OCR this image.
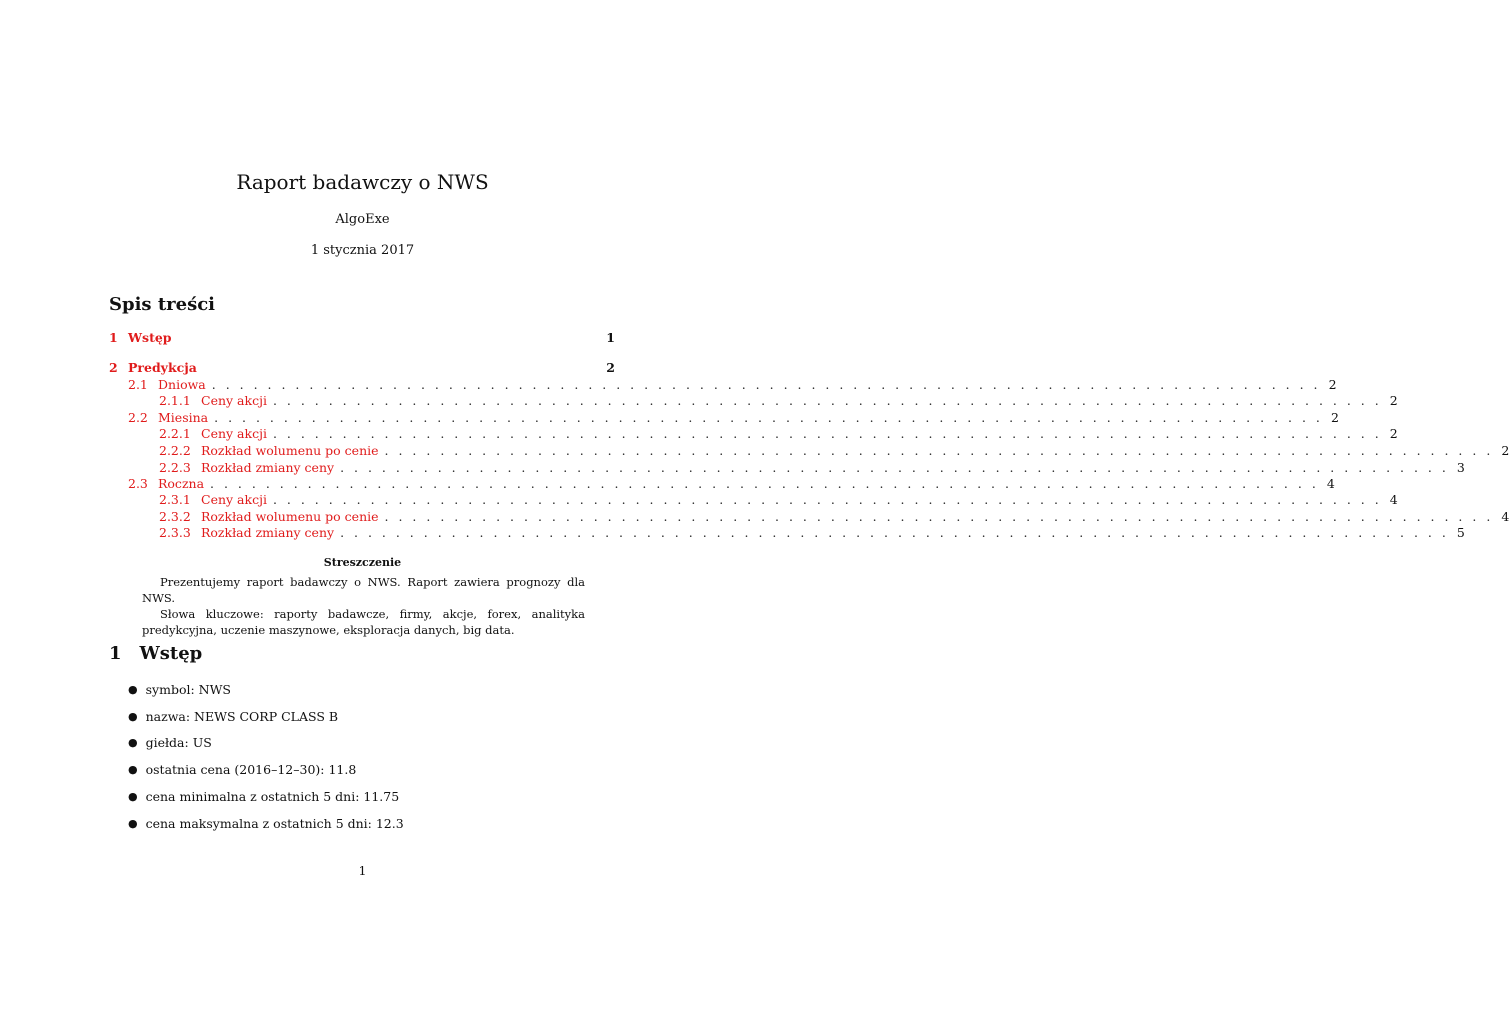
Raport badawczy o NWS
AlgoExe
1 stycznia 2017
Spis treści
1 Wstęp	1
2 Predykcja	2
2.1 Dniowa . . . . . . . . . . . . . . . . . . . . . . . . . . . . . . . . . . . . . . . . . . . . . . . . . . . . . . . . . . . . . . . . . . . . . . . . . . . . . . . . 2
2.1.1 Ceny akcji . . . . . . . . . . . . . . . . . . . . . . . . . . . . . . . . . . . . . . . . . . . . . . . . . . . . . . . . . . . . . . . . . . . . . . . . . . . . . . . . 2
2.2 Miesina . . . . . . . . . . . . . . . . . . . . . . . . . . . . . . . . . . . . . . . . . . . . . . . . . . . . . . . . . . . . . . . . . . . . . . . . . . . . . . . . 2
2.2.1 Ceny akcji . . . . . . . . . . . . . . . . . . . . . . . . . . . . . . . . . . . . . . . . . . . . . . . . . . . . . . . . . . . . . . . . . . . . . . . . . . . . . . . . 2
2.2.2 Rozkład wolumenu po cenie . . . . . . . . . . . . . . . . . . . . . . . . . . . . . . . . . . . . . . . . . . . . . . . . . . . . . . . . . . . . . . . . . . . . . . . . . . . . . . . . 2
2.2.3 Rozkład zmiany ceny . . . . . . . . . . . . . . . . . . . . . . . . . . . . . . . . . . . . . . . . . . . . . . . . . . . . . . . . . . . . . . . . . . . . . . . . . . . . . . . . 3
2.3 Roczna . . . . . . . . . . . . . . . . . . . . . . . . . . . . . . . . . . . . . . . . . . . . . . . . . . . . . . . . . . . . . . . . . . . . . . . . . . . . . . . . 4
2.3.1 Ceny akcji . . . . . . . . . . . . . . . . . . . . . . . . . . . . . . . . . . . . . . . . . . . . . . . . . . . . . . . . . . . . . . . . . . . . . . . . . . . . . . . . 4
2.3.2 Rozkład wolumenu po cenie . . . . . . . . . . . . . . . . . . . . . . . . . . . . . . . . . . . . . . . . . . . . . . . . . . . . . . . . . . . . . . . . . . . . . . . . . . . . . . . . 4
2.3.3 Rozkład zmiany ceny . . . . . . . . . . . . . . . . . . . . . . . . . . . . . . . . . . . . . . . . . . . . . . . . . . . . . . . . . . . . . . . . . . . . . . . . . . . . . . . . 5
Streszczenie

Prezentujemy raport badawczy o NWS. Raport zawiera prognozy dla NWS.

Słowa kluczowe: raporty badawcze, firmy, akcje, forex, analityka predykcyjna, uczenie maszynowe, eksploracja danych, big data.

1 Wstęp
● symbol: NWS
● nazwa: NEWS CORP CLASS B
● giełda: US
● ostatnia cena (2016–12–30): 11.8
● cena minimalna z ostatnich 5 dni: 11.75
● cena maksymalna z ostatnich 5 dni: 12.3
1
